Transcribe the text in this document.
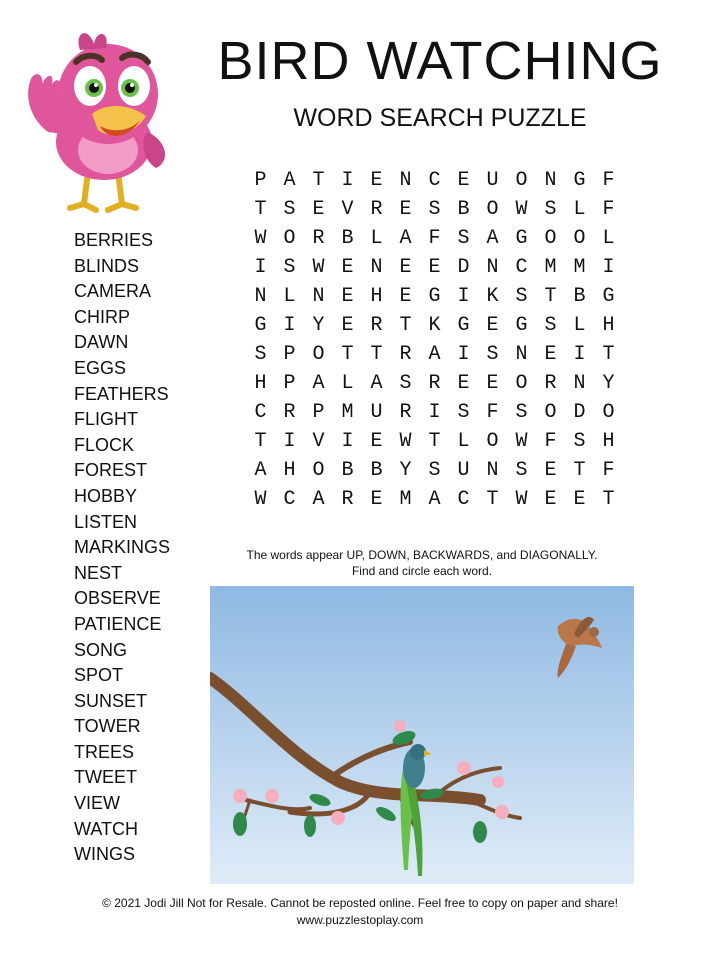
BIRD WATCHING
WORD SEARCH PUZZLE
BERRIES
BLINDS
CAMERA
CHIRP
DAWN
EGGS
FEATHERS
FLIGHT
FLOCK
FOREST
HOBBY
LISTEN
MARKINGS
NEST
OBSERVE
PATIENCE
SONG
SPOT
SUNSET
TOWER
TREES
TWEET
VIEW
WATCH
WINGS
P	A	T	I	E	N	C	E	U	O	N	G	F
T	S	E	V	R	E	S	B	O	W	S	L	F
W	O	R	B	L	A	F	S	A	G	O	O	L
I	S	W	E	N	E	E	D	N	C	M	M	I
N	L	N	E	H	E	G	I	K	S	T	B	G
G	I	Y	E	R	T	K	G	E	G	S	L	H
S	P	O	T	T	R	A	I	S	N	E	I	T
H	P	A	L	A	S	R	E	E	O	R	N	Y
C	R	P	M	U	R	I	S	F	S	O	D	O
T	I	V	I	E	W	T	L	O	W	F	S	H
A	H	O	B	B	Y	S	U	N	S	E	T	F
W	C	A	R	E	M	A	C	T	W	E	E	T
The words appear UP, DOWN, BACKWARDS, and DIAGONALLY.
Find and circle each word.
© 2021 Jodi Jill Not for Resale. Cannot be reposted online. Feel free to copy on paper and share!
www.puzzlestoplay.com
